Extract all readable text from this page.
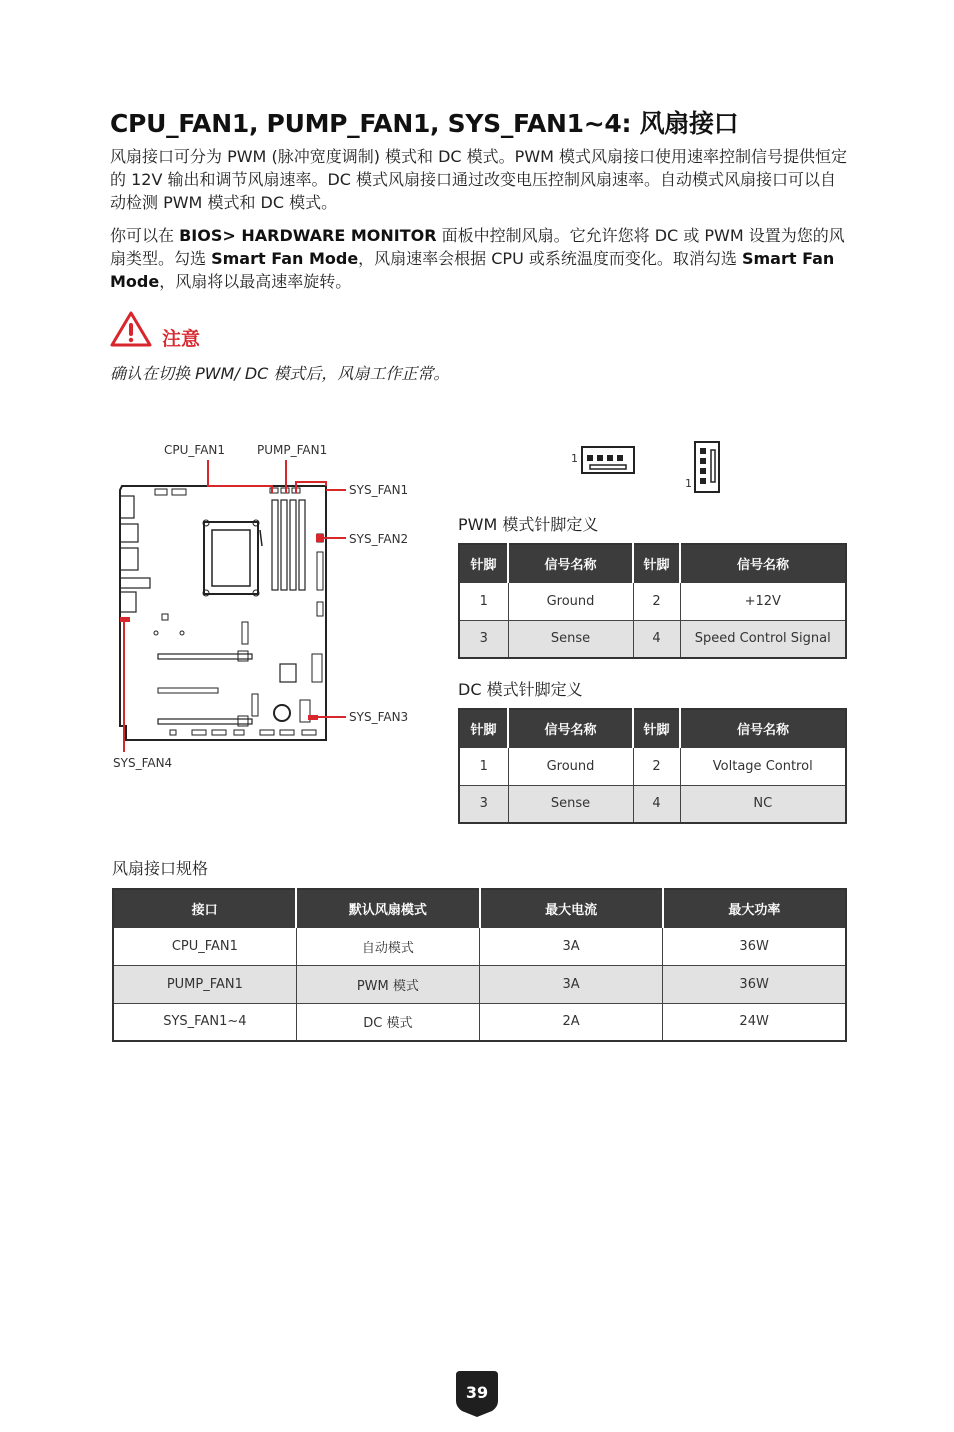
CPU_FAN1, PUMP_FAN1, SYS_FAN1~4: 风扇接口
风扇接口可分为 PWM (脉冲宽度调制) 模式和 DC 模式。PWM 模式风扇接口使用速率控制信号提供恒定的 12V 输出和调节风扇速率。DC 模式风扇接口通过改变电压控制风扇速率。自动模式风扇接口可以自动检测 PWM 模式和 DC 模式。
你可以在 BIOS> HARDWARE MONITOR 面板中控制风扇。它允许您将 DC 或 PWM 设置为您的风扇类型。勾选 Smart Fan Mode，风扇速率会根据 CPU 或系统温度而变化。取消勾选 Smart Fan Mode，风扇将以最高速率旋转。
注意
确认在切换 PWM/ DC 模式后，风扇工作正常。
CPU_FAN1	PUMP_FAN1
SYS_FAN1
SYS_FAN2
SYS_FAN3
SYS_FAN4
1
1
PWM 模式针脚定义
针脚	信号名称	针脚	信号名称
1	Ground	2	+12V
3	Sense	4	Speed Control Signal
DC 模式针脚定义
针脚	信号名称	针脚	信号名称
1	Ground	2	Voltage Control
3	Sense	4	NC
风扇接口规格
接口	默认风扇模式	最大电流	最大功率
CPU_FAN1	自动模式	3A	36W
PUMP_FAN1	PWM 模式	3A	36W
SYS_FAN1~4	DC 模式	2A	24W
39
